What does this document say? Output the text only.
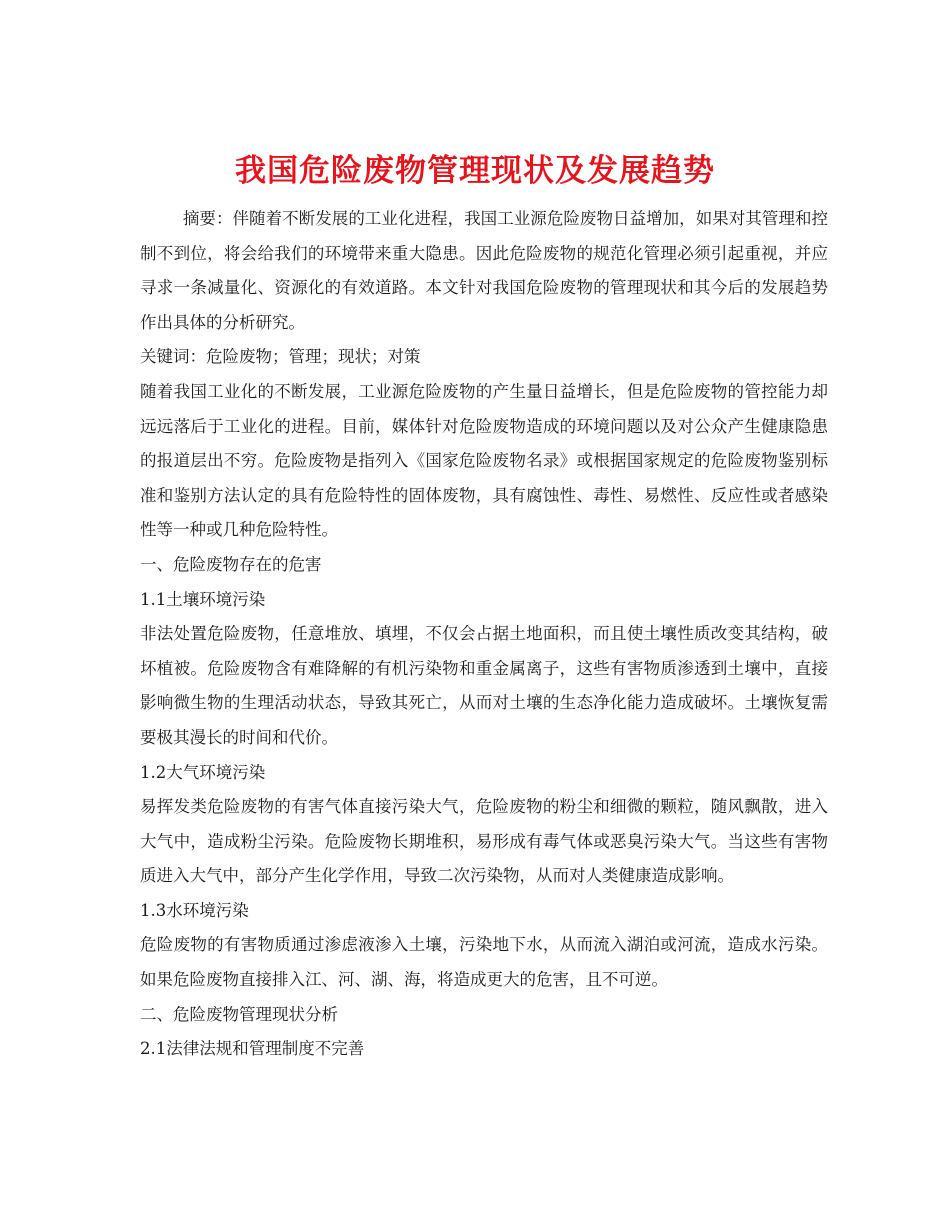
我国危险废物管理现状及发展趋势

摘要：伴随着不断发展的工业化进程，我国工业源危险废物日益增加，如果对其管理和控制不到位，将会给我们的环境带来重大隐患。因此危险废物的规范化管理必须引起重视，并应寻求一条减量化、资源化的有效道路。本文针对我国危险废物的管理现状和其今后的发展趋势作出具体的分析研究。

关键词：危险废物；管理；现状；对策

随着我国工业化的不断发展，工业源危险废物的产生量日益增长，但是危险废物的管控能力却远远落后于工业化的进程。目前，媒体针对危险废物造成的环境问题以及对公众产生健康隐患的报道层出不穷。危险废物是指列入《国家危险废物名录》或根据国家规定的危险废物鉴别标准和鉴别方法认定的具有危险特性的固体废物，具有腐蚀性、毒性、易燃性、反应性或者感染性等一种或几种危险特性。

一、危险废物存在的危害

1.1土壤环境污染

非法处置危险废物，任意堆放、填埋，不仅会占据土地面积，而且使土壤性质改变其结构，破坏植被。危险废物含有难降解的有机污染物和重金属离子，这些有害物质渗透到土壤中，直接影响微生物的生理活动状态，导致其死亡，从而对土壤的生态净化能力造成破坏。土壤恢复需要极其漫长的时间和代价。

1.2大气环境污染

易挥发类危险废物的有害气体直接污染大气，危险废物的粉尘和细微的颗粒，随风飘散，进入大气中，造成粉尘污染。危险废物长期堆积，易形成有毒气体或恶臭污染大气。当这些有害物质进入大气中，部分产生化学作用，导致二次污染物，从而对人类健康造成影响。

1.3水环境污染

危险废物的有害物质通过渗虑液渗入土壤，污染地下水，从而流入湖泊或河流，造成水污染。如果危险废物直接排入江、河、湖、海，将造成更大的危害，且不可逆。

二、危险废物管理现状分析

2.1法律法规和管理制度不完善
